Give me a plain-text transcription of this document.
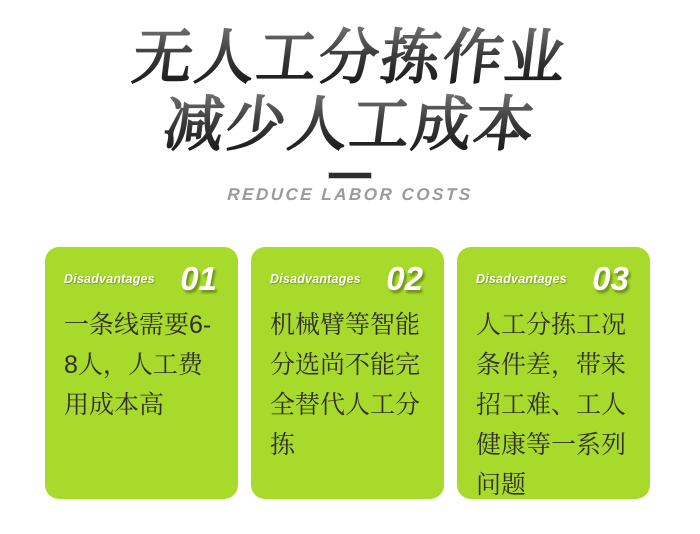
无人工分拣作业
减少人工成本
REDUCE LABOR COSTS
Disadvantages 01
一条线需要6-8人，人工费用成本高
Disadvantages 02
机械臂等智能分选尚不能完全替代人工分拣
Disadvantages 03
人工分拣工况条件差，带来招工难、工人健康等一系列问题
